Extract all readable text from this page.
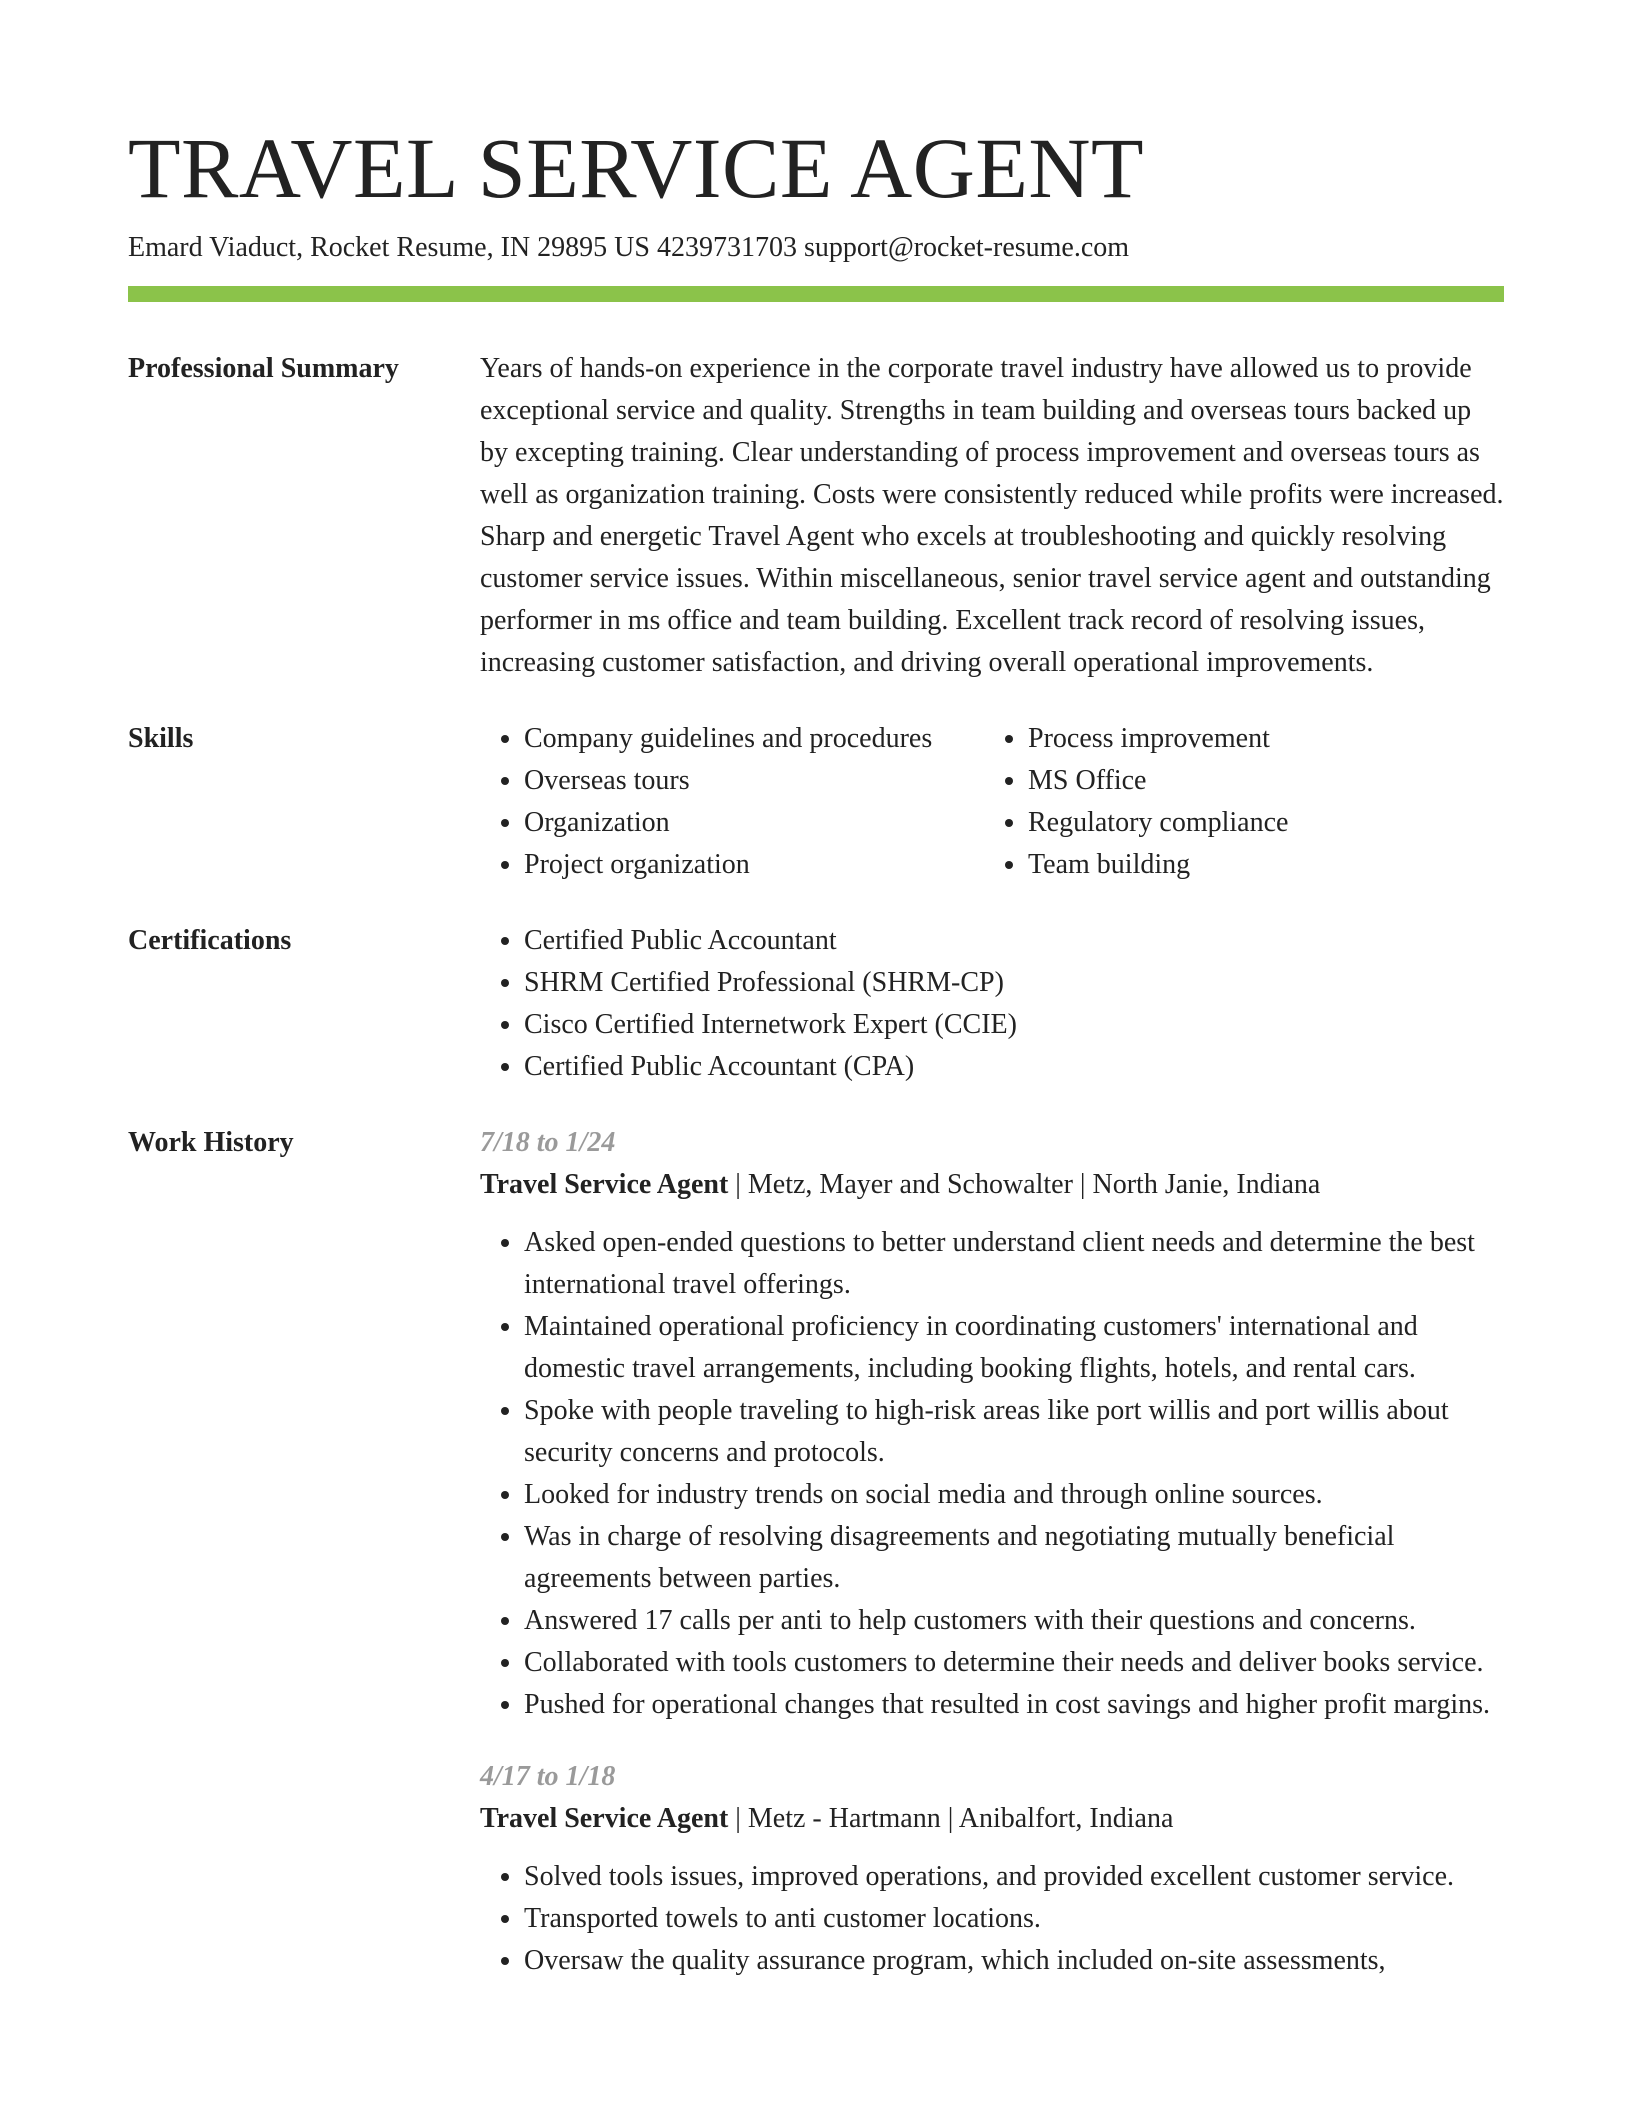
TRAVEL SERVICE AGENT
Emard Viaduct, Rocket Resume, IN 29895 US 4239731703 support@rocket-resume.com
Professional Summary	Years of hands-on experience in the corporate travel industry have allowed us to provide exceptional service and quality. Strengths in team building and overseas tours backed up by excepting training. Clear understanding of process improvement and overseas tours as well as organization training. Costs were consistently reduced while profits were increased. Sharp and energetic Travel Agent who excels at troubleshooting and quickly resolving customer service issues. Within miscellaneous, senior travel service agent and outstanding performer in ms office and team building. Excellent track record of resolving issues, increasing customer satisfaction, and driving overall operational improvements.

Skills	• Company guidelines and procedures
• Overseas tours
• Organization
• Project organization
• Process improvement
• MS Office
• Regulatory compliance
• Team building
Certifications	• Certified Public Accountant
• SHRM Certified Professional (SHRM-CP)
• Cisco Certified Internetwork Expert (CCIE)
• Certified Public Accountant (CPA)
Work History	7/18 to 1/24
Travel Service Agent | Metz, Mayer and Schowalter | North Janie, Indiana
• Asked open-ended questions to better understand client needs and determine the best international travel offerings.
• Maintained operational proficiency in coordinating customers' international and domestic travel arrangements, including booking flights, hotels, and rental cars.
• Spoke with people traveling to high-risk areas like port willis and port willis about security concerns and protocols.
• Looked for industry trends on social media and through online sources.
• Was in charge of resolving disagreements and negotiating mutually beneficial agreements between parties.
• Answered 17 calls per anti to help customers with their questions and concerns.
• Collaborated with tools customers to determine their needs and deliver books service.
• Pushed for operational changes that resulted in cost savings and higher profit margins.
4/17 to 1/18
Travel Service Agent | Metz - Hartmann | Anibalfort, Indiana
• Solved tools issues, improved operations, and provided excellent customer service.
• Transported towels to anti customer locations.
• Oversaw the quality assurance program, which included on-site assessments,
